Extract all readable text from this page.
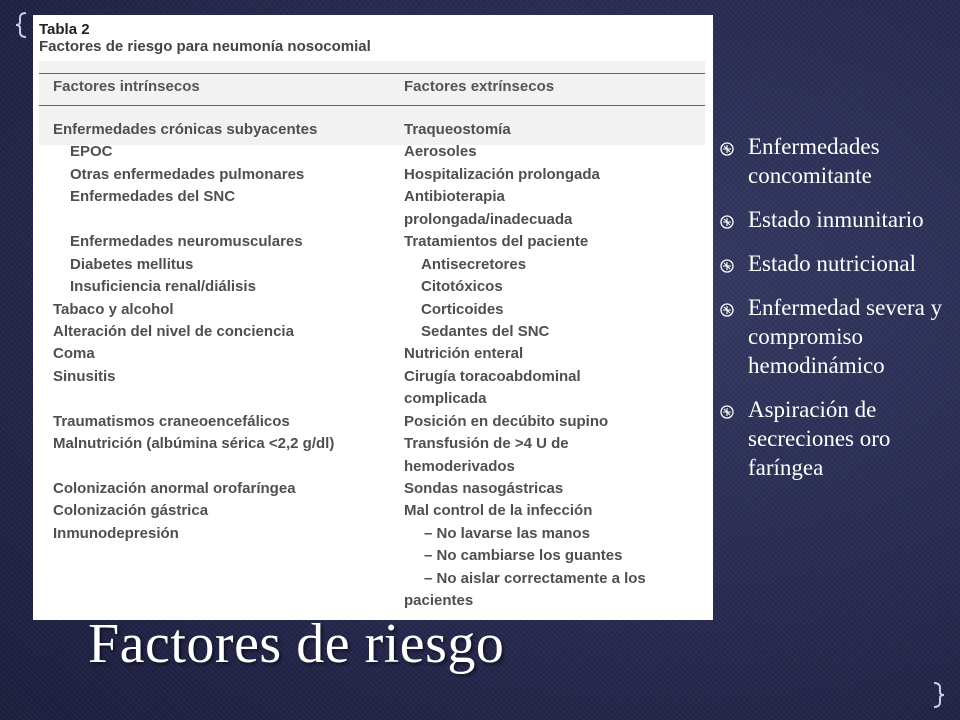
Tabla 2
Factores de riesgo para neumonía nosocomial
Factores intrínsecos	Factores extrínsecos
Enfermedades crónicas subyacentes
EPOC
Otras enfermedades pulmonares
Enfermedades del SNC
Enfermedades neuromusculares
Diabetes mellitus
Insuficiencia renal/diálisis
Tabaco y alcohol
Alteración del nivel de conciencia
Coma
Sinusitis
Traumatismos craneoencefálicos
Malnutrición (albúmina sérica <2,2 g/dl)
Colonización anormal orofaríngea
Colonización gástrica
Inmunodepresión
Traqueostomía
Aerosoles
Hospitalización prolongada
Antibioterapia
prolongada/inadecuada
Tratamientos del paciente
Antisecretores
Citotóxicos
Corticoides
Sedantes del SNC
Nutrición enteral
Cirugía toracoabdominal
complicada
Posición en decúbito supino
Transfusión de >4 U de
hemoderivados
Sondas nasogástricas
Mal control de la infección
– No lavarse las manos
– No cambiarse los guantes
– No aislar correctamente a los
pacientes
Enfermedades concomitante
Estado inmunitario
Estado nutricional
Enfermedad severa y compromiso hemodinámico
Aspiración de secreciones oro faríngea
Factores de riesgo
